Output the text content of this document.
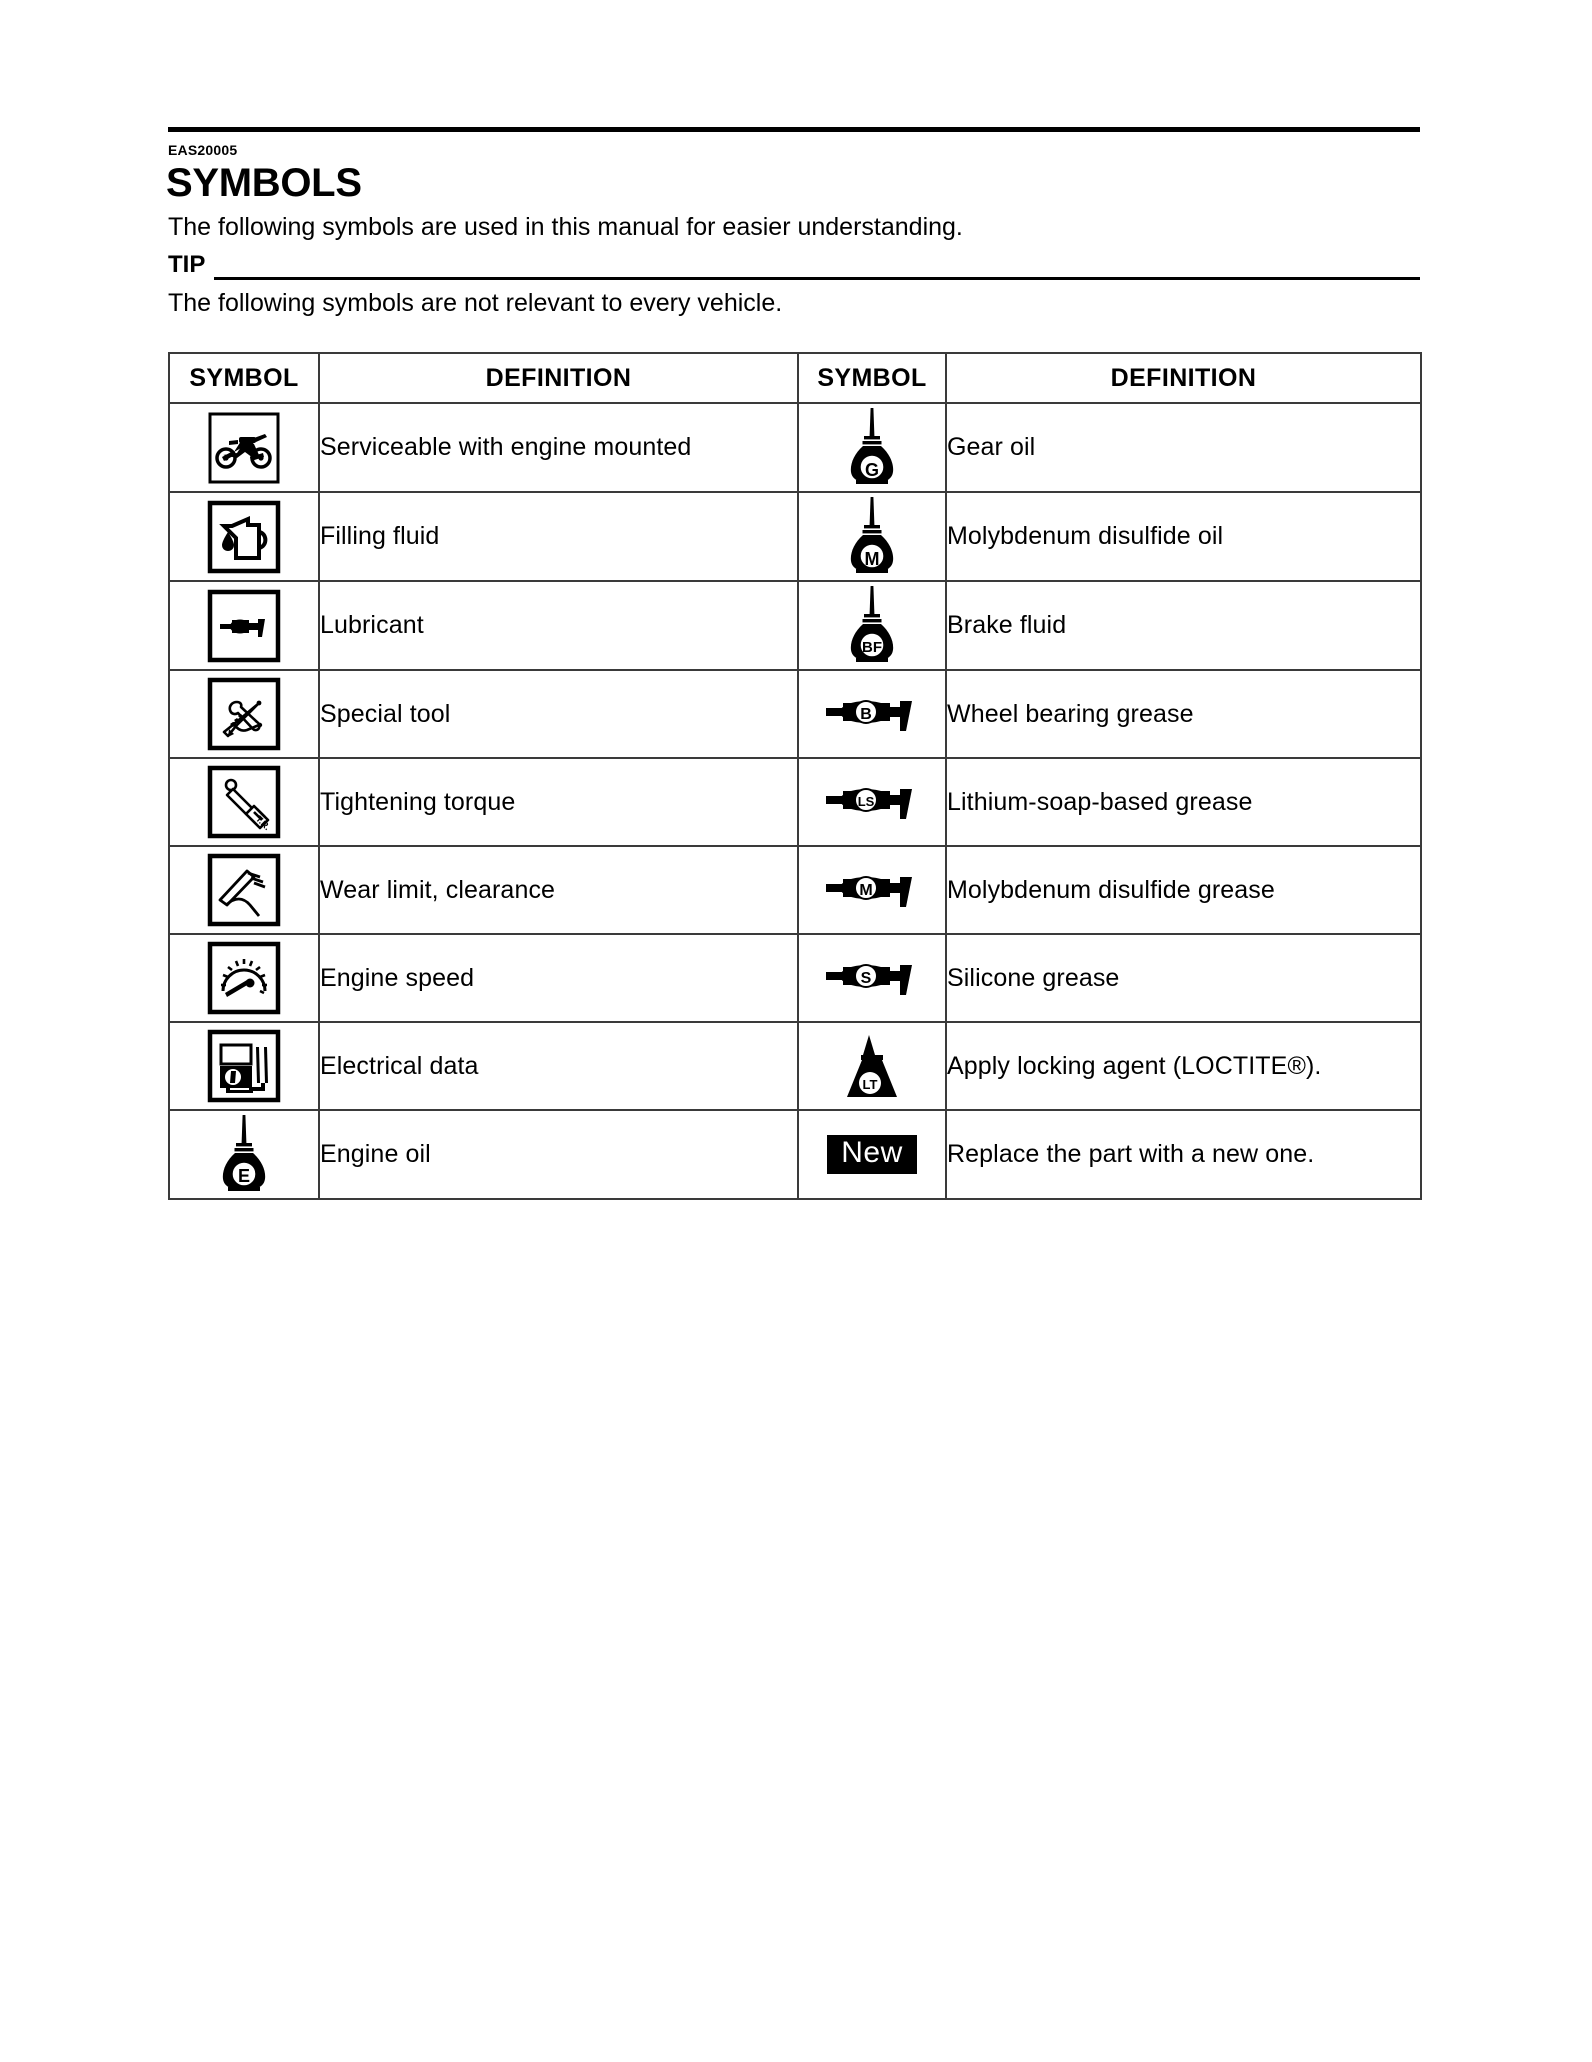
EAS20005
SYMBOLS
The following symbols are used in this manual for easier understanding.
TIP
The following symbols are not relevant to every vehicle.
SYMBOL	DEFINITION	SYMBOL	DEFINITION

	Serviceable with engine mounted	G	Gear oil

	Filling fluid	M	Molybdenum disulfide oil

	Lubricant	BF	Brake fluid

	Special tool	B	Wheel bearing grease

T.R.	Tightening torque	LS	Lithium-soap-based grease

	Wear limit, clearance	M	Molybdenum disulfide grease

	Engine speed	S	Silicone grease

	Electrical data	LT	Apply locking agent (LOCTITE®).

E	Engine oil	New	Replace the part with a new one.
